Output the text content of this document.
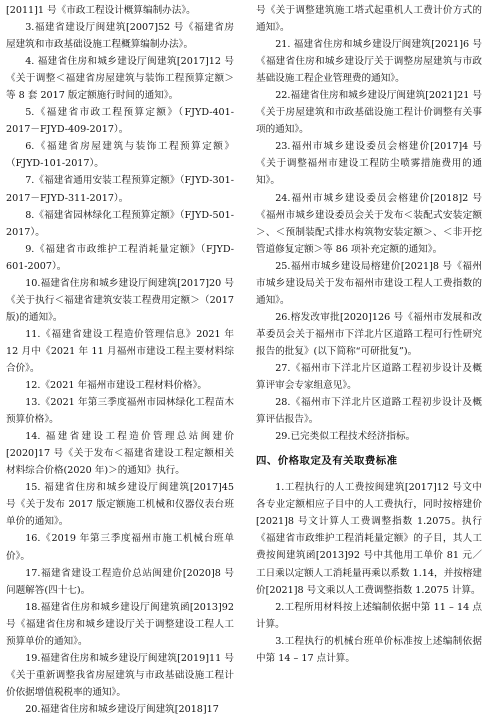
[2011]1 号《市政工程设计概算编制办法》。

3.福建省建设厅闽建筑[2007]52 号《福建省房屋建筑和市政基础设施工程概算编制办法》。

4. 福建省住房和城乡建设厅闽建筑[2017]12 号《关于调整＜福建省房屋建筑与装饰工程预算定额＞等 8 套 2017 版定额施行时间的通知》。

5.《福建省市政工程预算定额》（FJYD-401-2017－FJYD-409-2017）。

6.《福建省房屋建筑与装饰工程预算定额》（FJYD-101-2017）。

7.《福建省通用安装工程预算定额》（FJYD-301-2017－FJYD-311-2017）。

8.《福建省园林绿化工程预算定额》（FJYD-501-2017）。

9.《福建省市政维护工程消耗量定额》（FJYD-601-2007）。

10.福建省住房和城乡建设厅闽建筑[2017]20 号《关于执行＜福建省建筑安装工程费用定额＞（2017 版)的通知》。

11.《福建省建设工程造价管理信息》2021 年 12 月中《2021 年 11 月福州市建设工程主要材料综合价》。

12.《2021 年福州市建设工程材料价格》。

13.《2021 年第三季度福州市园林绿化工程苗木预算价格》。

14. 福建省建设工程造价管理总站闽建价[2020]17 号《关于发布＜福建省建设工程定额相关材料综合价格(2020 年)＞的通知》执行。

15. 福建省住房和城乡建设厅闽建筑[2017]45 号《关于发布 2017 版定额施工机械和仪器仪表台班单价的通知》。

16.《2019 年第三季度福州市施工机械台班单价》。

17.福建省建设工程造价总站闽建价[2020]8 号问题解答(四十七)。

18.福建省住房和城乡建设厅闽建筑函[2013]92 号《福建省住房和城乡建设厅关于调整建设工程人工预算单价的通知》。

19.福建省住房和城乡建设厅闽建筑[2019]11 号《关于重新调整我省房屋建筑与市政基础设施工程计价依据增值税税率的通知》。

20.福建省住房和城乡建设厅闽建筑[2018]17

号《关于调整建筑施工塔式起重机人工费计价方式的通知》。

21. 福建省住房和城乡建设厅闽建筑[2021]6 号《福建省住房和城乡建设厅关于调整房屋建筑与市政基础设施工程企业管理费的通知》。

22.福建省住房和城乡建设厅闽建筑[2021]21 号《关于房屋建筑和市政基础设施工程计价调整有关事项的通知》。

23.福州市城乡建设委员会榕建价[2017]4 号《关于调整福州市建设工程防尘喷雾措施费用的通知》。

24.福州市城乡建设委员会榕建价[2018]2 号《福州市城乡建设委员会关于发布＜装配式安装定额＞、＜预制装配式排水构筑物安装定额＞、＜非开挖管道修复定额＞等 86 项补充定额的通知》。

25.福州市城乡建设局榕建价[2021]8 号《福州市城乡建设局关于发布福州市建设工程人工费指数的通知》。

26.榕发改审批[2020]126 号《福州市发展和改革委员会关于福州市下洋北片区道路工程可行性研究报告的批复》(以下简称“可研批复”)。

27.《福州市下洋北片区道路工程初步设计及概算评审会专家组意见》。

28.《福州市下洋北片区道路工程初步设计及概算评估报告》。

29.已完类似工程技术经济指标。

四、价格取定及有关取费标准

1.工程执行的人工费按闽建筑[2017]12 号文中各专业定额相应子目中的人工费执行，同时按榕建价[2021]8 号文计算人工费调整指数 1.2075。执行《福建省市政维护工程消耗量定额》的子目，其人工费按闽建筑函[2013]92 号中其他用工单价 81 元／工日乘以定额人工消耗量再乘以系数 1.14，并按榕建价[2021]8 号文乘以人工费调整指数 1.2075 计算。

2.工程所用材料按上述编制依据中第 11 – 14 点计算。

3.工程执行的机械台班单价标准按上述编制依据中第 14 – 17 点计算。
